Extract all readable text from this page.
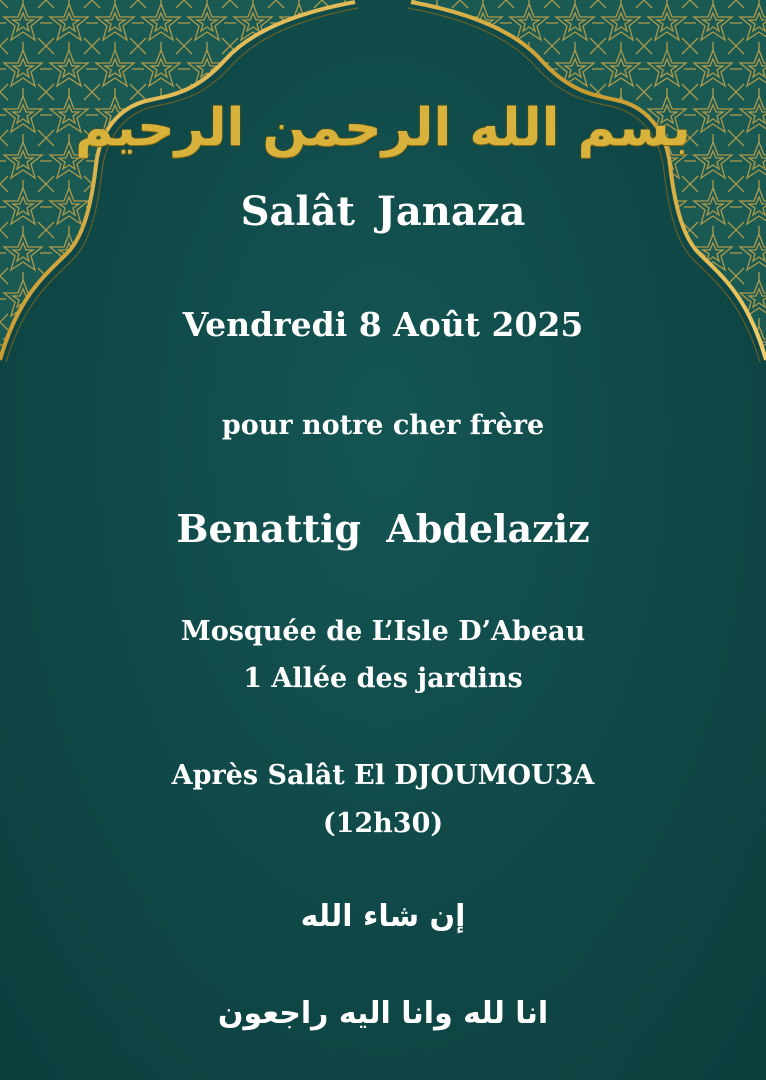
بسم الله الرحمن الرحيم
Salât Janaza
Vendredi 8 Août 2025
pour notre cher frère
Benattig Abdelaziz
Mosquée de L’Isle D’Abeau
1 Allée des jardins
Après Salât El DJOUMOU3A
(12h30)
إن شاء الله
انا لله وانا اليه راجعون
